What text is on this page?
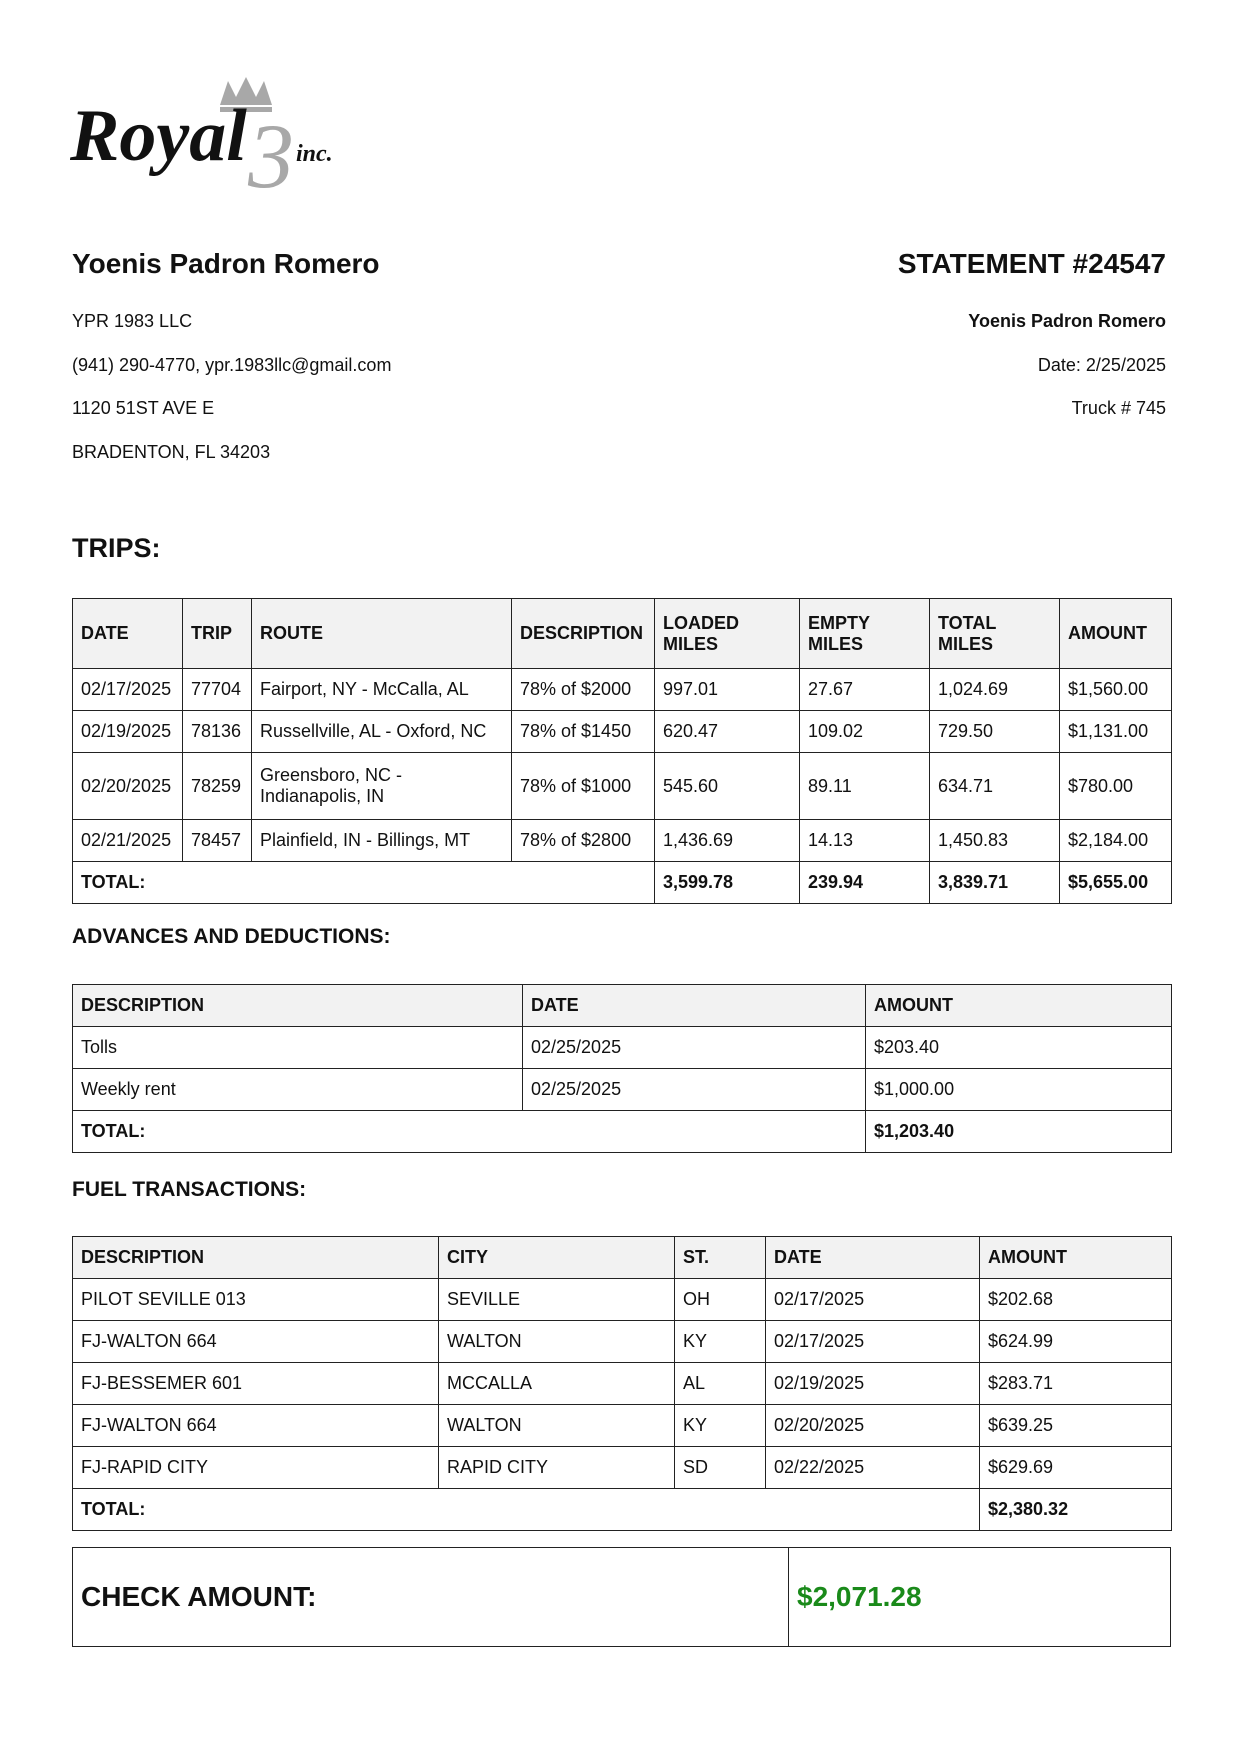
Royal 3 inc.
Yoenis Padron Romero	STATEMENT #24547
YPR 1983 LLC
(941) 290-4770, ypr.1983llc@gmail.com
1120 51ST AVE E
BRADENTON, FL 34203
Yoenis Padron Romero
Date: 2/25/2025
Truck # 745
TRIPS:
DATE	TRIP	ROUTE	DESCRIPTION	LOADED MILES	EMPTY MILES	TOTAL MILES	AMOUNT
02/17/2025	77704	Fairport, NY - McCalla, AL	78% of $2000	997.01	27.67	1,024.69	$1,560.00
02/19/2025	78136	Russellville, AL - Oxford, NC	78% of $1450	620.47	109.02	729.50	$1,131.00
02/20/2025	78259	Greensboro, NC - Indianapolis, IN	78% of $1000	545.60	89.11	634.71	$780.00
02/21/2025	78457	Plainfield, IN - Billings, MT	78% of $2800	1,436.69	14.13	1,450.83	$2,184.00
TOTAL:				3,599.78	239.94	3,839.71	$5,655.00
ADVANCES AND DEDUCTIONS:
DESCRIPTION	DATE	AMOUNT
Tolls	02/25/2025	$203.40
Weekly rent	02/25/2025	$1,000.00
TOTAL:		$1,203.40
FUEL TRANSACTIONS:
DESCRIPTION	CITY	ST.	DATE	AMOUNT
PILOT SEVILLE 013	SEVILLE	OH	02/17/2025	$202.68
FJ-WALTON 664	WALTON	KY	02/17/2025	$624.99
FJ-BESSEMER 601	MCCALLA	AL	02/19/2025	$283.71
FJ-WALTON 664	WALTON	KY	02/20/2025	$639.25
FJ-RAPID CITY	RAPID CITY	SD	02/22/2025	$629.69
TOTAL:				$2,380.32
CHECK AMOUNT:	$2,071.28
